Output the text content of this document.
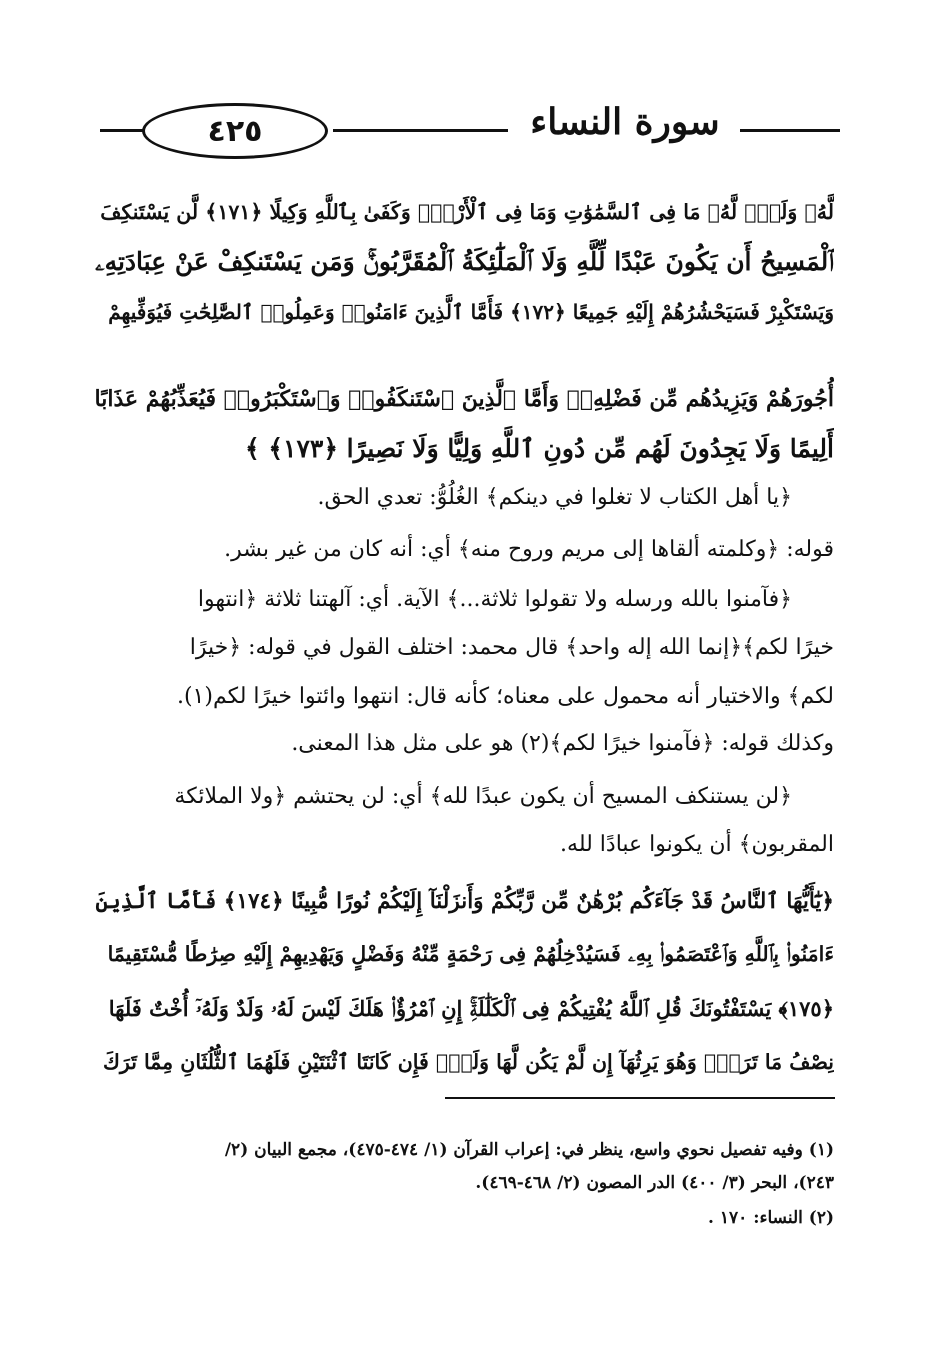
٤٢٥	سورة النساء
لَّهُۥ وَلَدٌۘ لَّهُۥ مَا فِى ٱلسَّمَٰوَٰتِ وَمَا فِى ٱلْأَرْضِۗ وَكَفَىٰ بِٱللَّهِ وَكِيلًا ﴿١٧١﴾ لَّن يَسْتَنكِفَ
ٱلْمَسِيحُ أَن يَكُونَ عَبْدًا لِّلَّهِ وَلَا ٱلْمَلَٰٓئِكَةُ ٱلْمُقَرَّبُونَۚ وَمَن يَسْتَنكِفْ عَنْ عِبَادَتِهِۦ
وَيَسْتَكْبِرْ فَسَيَحْشُرُهُمْ إِلَيْهِ جَمِيعًا ﴿١٧٢﴾ فَأَمَّا ٱلَّذِينَ ءَامَنُوا۟ وَعَمِلُوا۟ ٱلصَّٰلِحَٰتِ فَيُوَفِّيهِمْ
أُجُورَهُمْ وَيَزِيدُهُم مِّن فَضْلِهِۦۖ وَأَمَّا ٱلَّذِينَ ٱسْتَنكَفُوا۟ وَٱسْتَكْبَرُوا۟ فَيُعَذِّبُهُمْ عَذَابًا
أَلِيمًا وَلَا يَجِدُونَ لَهُم مِّن دُونِ ٱللَّهِ وَلِيًّا وَلَا نَصِيرًا ﴿١٧٣﴾ ﴾
﴿يا أهل الكتاب لا تغلوا في دينكم﴾ الغُلُوُّ: تعدي الحق.
قوله: ﴿وكلمته ألقاها إلى مريم وروح منه﴾ أي: أنه كان من غير بشر.
﴿فآمنوا بالله ورسله ولا تقولوا ثلاثة...﴾ الآية. أي: آلهتنا ثلاثة ﴿انتهوا
خيرًا لكم﴾﴿إنما الله إله واحد﴾ قال محمد: اختلف القول في قوله: ﴿خيرًا
لكم﴾ والاختيار أنه محمول على معناه؛ كأنه قال: انتهوا وائتوا خيرًا لكم(١).
وكذلك قوله: ﴿فآمنوا خيرًا لكم﴾(٢) هو على مثل هذا المعنى.
﴿لن يستنكف المسيح أن يكون عبدًا لله﴾ أي: لن يحتشم ﴿ولا الملائكة
المقربون﴾ أن يكونوا عبادًا لله.
﴿يَٰٓأَيُّهَا ٱلنَّاسُ قَدْ جَآءَكُم بُرْهَٰنٌ مِّن رَّبِّكُمْ وَأَنزَلْنَآ إِلَيْكُمْ نُورًا مُّبِينًا ﴿١٧٤﴾ فَأَمَّا ٱلَّذِينَ
ءَامَنُوا۟ بِٱللَّهِ وَٱعْتَصَمُوا۟ بِهِۦ فَسَيُدْخِلُهُمْ فِى رَحْمَةٍ مِّنْهُ وَفَضْلٍ وَيَهْدِيهِمْ إِلَيْهِ صِرَٰطًا مُّسْتَقِيمًا
﴿١٧٥﴾ يَسْتَفْتُونَكَ قُلِ ٱللَّهُ يُفْتِيكُمْ فِى ٱلْكَلَٰلَةِۚ إِنِ ٱمْرُؤٌا۟ هَلَكَ لَيْسَ لَهُۥ وَلَدٌ وَلَهُۥٓ أُخْتٌ فَلَهَا
نِصْفُ مَا تَرَكَۚ وَهُوَ يَرِثُهَآ إِن لَّمْ يَكُن لَّهَا وَلَدٌۚ فَإِن كَانَتَا ٱثْنَتَيْنِ فَلَهُمَا ٱلثُّلُثَانِ مِمَّا تَرَكَ
(١) وفيه تفصيل نحوي واسع، ينظر في: إعراب القرآن (١/ ٤٧٤-٤٧٥)، مجمع البيان (٢/
٢٤٣)، البحر (٣/ ٤٠٠) الدر المصون (٢/ ٤٦٨-٤٦٩).
(٢) النساء: ١٧٠ .
